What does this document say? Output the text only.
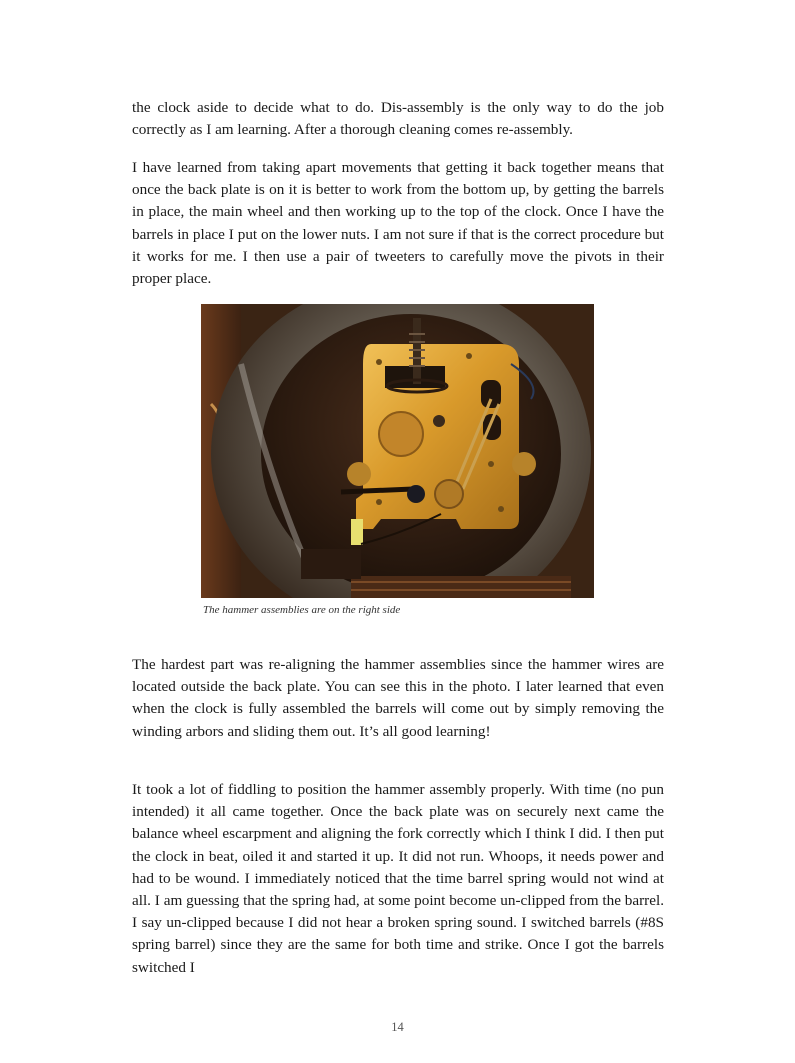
the clock aside to decide what to do. Dis-assembly is the only way to do the job correctly as I am learning. After a thorough cleaning comes re-assembly.

I have learned from taking apart movements that getting it back together means that once the back plate is on it is better to work from the bottom up, by getting the barrels in place, the main wheel and then working up to the top of the clock. Once I have the barrels in place I put on the lower nuts. I am not sure if that is the correct procedure but it works for me. I then use a pair of tweeters to carefully move the pivots in their proper place.

The hammer assemblies are on the right side

The hardest part was re-aligning the hammer assemblies since the hammer wires are located outside the back plate. You can see this in the photo. I later learned that even when the clock is fully assembled the barrels will come out by simply removing the winding arbors and sliding them out. It’s all good learning!

It took a lot of fiddling to position the hammer assembly properly. With time (no pun intended) it all came together. Once the back plate was on securely next came the balance wheel escarpment and aligning the fork correctly which I think I did. I then put the clock in beat, oiled it and started it up. It did not run. Whoops, it needs power and had to be wound. I immediately noticed that the time barrel spring would not wind at all. I am guessing that the spring had, at some point become un-clipped from the barrel. I say un-clipped because I did not hear a broken spring sound. I switched barrels (#8S spring barrel) since they are the same for both time and strike. Once I got the barrels switched I

14
